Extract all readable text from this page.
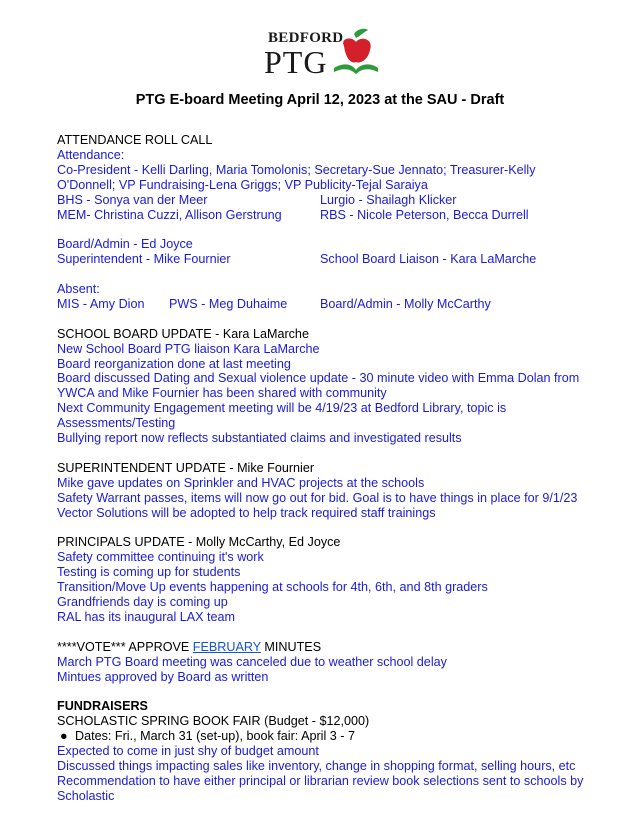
BEDFORD
PTG
PTG E-board Meeting April 12, 2023 at the SAU - Draft
ATTENDANCE ROLL CALL
Attendance:
Co-President - Kelli Darling, Maria Tomolonis; Secretary-Sue Jennato; Treasurer-Kelly
O'Donnell; VP Fundraising-Lena Griggs; VP Publicity-Tejal Saraiya
BHS - Sonya van der Meer	Lurgio - Shailagh Klicker
MEM- Christina Cuzzi, Allison Gerstrung	RBS - Nicole Peterson, Becca Durrell
Board/Admin - Ed Joyce
Superintendent - Mike Fournier	School Board Liaison - Kara LaMarche
Absent:
MIS - Amy Dion	PWS - Meg Duhaime	Board/Admin - Molly McCarthy
SCHOOL BOARD UPDATE - Kara LaMarche
New School Board PTG liaison Kara LaMarche
Board reorganization done at last meeting
Board discussed Dating and Sexual violence update - 30 minute video with Emma Dolan from
YWCA and Mike Fournier has been shared with community
Next Community Engagement meeting will be 4/19/23 at Bedford Library, topic is
Assessments/Testing
Bullying report now reflects substantiated claims and investigated results
SUPERINTENDENT UPDATE - Mike Fournier
Mike gave updates on Sprinkler and HVAC projects at the schools
Safety Warrant passes, items will now go out for bid. Goal is to have things in place for 9/1/23
Vector Solutions will be adopted to help track required staff trainings
PRINCIPALS UPDATE - Molly McCarthy, Ed Joyce
Safety committee continuing it's work
Testing is coming up for students
Transition/Move Up events happening at schools for 4th, 6th, and 8th graders
Grandfriends day is coming up
RAL has its inaugural LAX team
****VOTE*** APPROVE FEBRUARY MINUTES
March PTG Board meeting was canceled due to weather school delay
Mintues approved by Board as written
FUNDRAISERS
SCHOLASTIC SPRING BOOK FAIR (Budget - $12,000)
● Dates: Fri., March 31 (set-up), book fair: April 3 - 7
Expected to come in just shy of budget amount
Discussed things impacting sales like inventory, change in shopping format, selling hours, etc
Recommendation to have either principal or librarian review book selections sent to schools by
Scholastic
